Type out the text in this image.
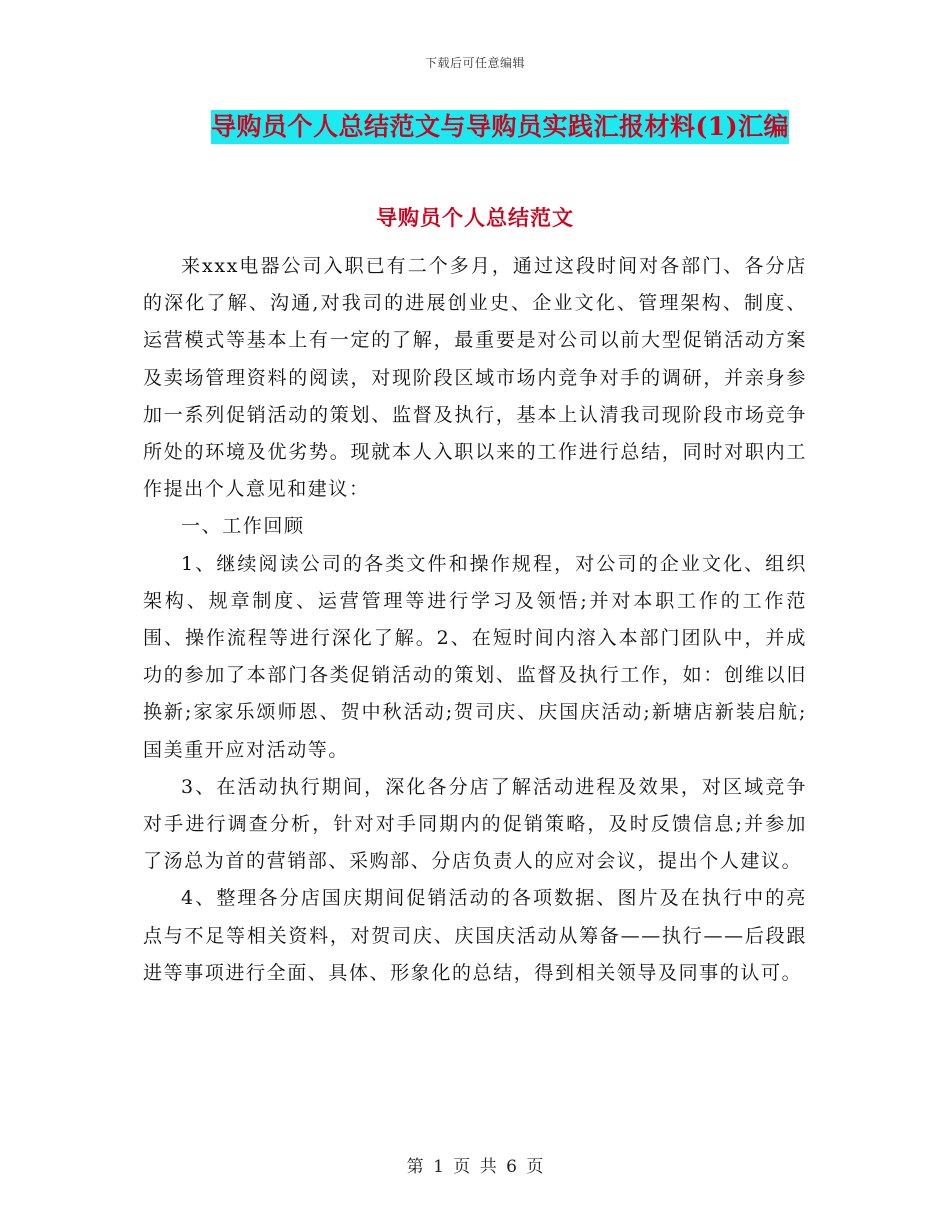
下载后可任意编辑
导购员个人总结范文与导购员实践汇报材料(1)汇编
导购员个人总结范文

来xxx电器公司入职已有二个多月，通过这段时间对各部门、各分店的深化了解、沟通,对我司的进展创业史、企业文化、管理架构、制度、运营模式等基本上有一定的了解，最重要是对公司以前大型促销活动方案及卖场管理资料的阅读，对现阶段区域市场内竞争对手的调研，并亲身参加一系列促销活动的策划、监督及执行，基本上认清我司现阶段市场竞争所处的环境及优劣势。现就本人入职以来的工作进行总结，同时对职内工作提出个人意见和建议：

一、工作回顾

1、继续阅读公司的各类文件和操作规程，对公司的企业文化、组织架构、规章制度、运营管理等进行学习及领悟;并对本职工作的工作范围、操作流程等进行深化了解。2、在短时间内溶入本部门团队中，并成功的参加了本部门各类促销活动的策划、监督及执行工作，如：创维以旧换新;家家乐颂师恩、贺中秋活动;贺司庆、庆国庆活动;新塘店新装启航;国美重开应对活动等。

3、在活动执行期间，深化各分店了解活动进程及效果，对区域竞争对手进行调查分析，针对对手同期内的促销策略，及时反馈信息;并参加了汤总为首的营销部、采购部、分店负责人的应对会议，提出个人建议。

4、整理各分店国庆期间促销活动的各项数据、图片及在执行中的亮点与不足等相关资料，对贺司庆、庆国庆活动从筹备——执行——后段跟进等事项进行全面、具体、形象化的总结，得到相关领导及同事的认可。

第 1 页 共 6 页
